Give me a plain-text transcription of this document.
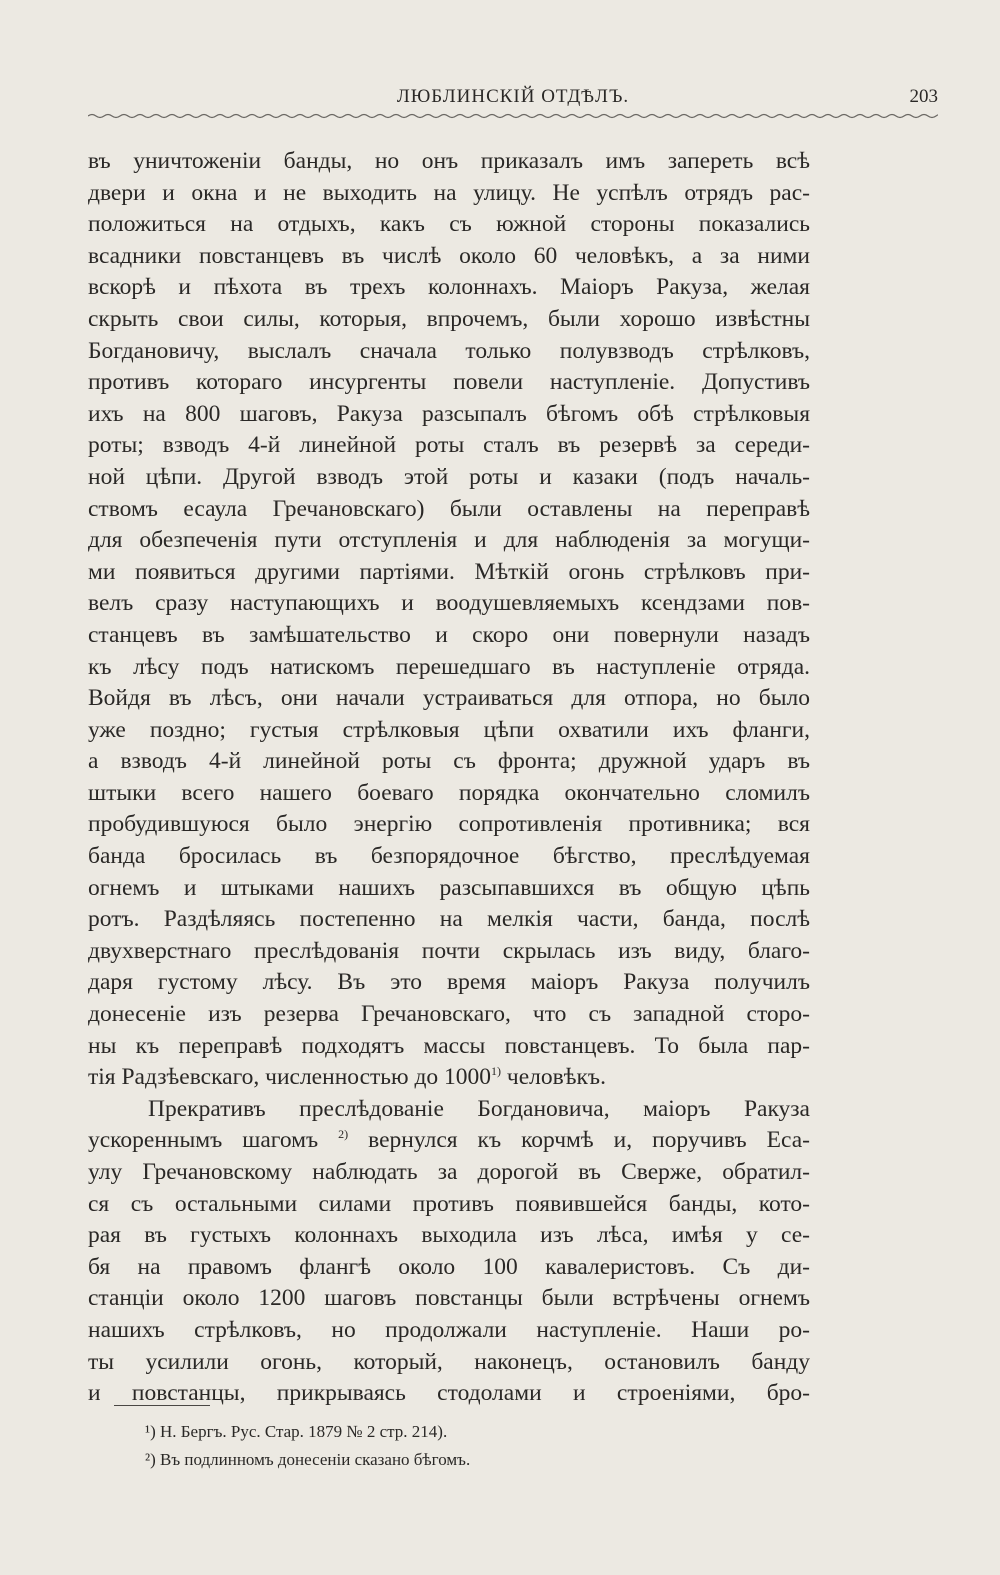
ЛЮБЛИНСКІЙ ОТДѢЛЪ.	203

въ уничтоженіи банды, но онъ приказалъ имъ запереть всѣ
двери и окна и не выходить на улицу. Не успѣлъ отрядъ рас-
положиться на отдыхъ, какъ съ южной стороны показались
всадники повстанцевъ въ числѣ около 60 человѣкъ, а за ними
вскорѣ и пѣхота въ трехъ колоннахъ. Маіоръ Ракуза, желая
скрыть свои силы, которыя, впрочемъ, были хорошо извѣстны
Богдановичу, выслалъ сначала только полувзводъ стрѣлковъ,
противъ котораго инсургенты повели наступленіе. Допустивъ
ихъ на 800 шаговъ, Ракуза разсыпалъ бѣгомъ обѣ стрѣлковыя
роты; взводъ 4-й линейной роты сталъ въ резервѣ за середи-
ной цѣпи. Другой взводъ этой роты и казаки (подъ началь-
ствомъ есаула Гречановскаго) были оставлены на переправѣ
для обезпеченія пути отступленія и для наблюденія за могущи-
ми появиться другими партіями. Мѣткій огонь стрѣлковъ при-
велъ сразу наступающихъ и воодушевляемыхъ ксендзами пов-
станцевъ въ замѣшательство и скоро они повернули назадъ
къ лѣсу подъ натискомъ перешедшаго въ наступленіе отряда.
Войдя въ лѣсъ, они начали устраиваться для отпора, но было
уже поздно; густыя стрѣлковыя цѣпи охватили ихъ фланги,
а взводъ 4-й линейной роты съ фронта; дружной ударъ въ
штыки всего нашего боеваго порядка окончательно сломилъ
пробудившуюся было энергію сопротивленія противника; вся
банда бросилась въ безпорядочное бѣгство, преслѣдуемая
огнемъ и штыками нашихъ разсыпавшихся въ общую цѣпь
ротъ. Раздѣляясь постепенно на мелкія части, банда, послѣ
двухверстнаго преслѣдованія почти скрылась изъ виду, благо-
даря густому лѣсу. Въ это время маіоръ Ракуза получилъ
донесеніе изъ резерва Гречановскаго, что съ западной сторо-
ны къ переправѣ подходятъ массы повстанцевъ. То была пар-
тія Радзѣевскаго, численностью до 1000$^{1)}$ человѣкъ.

Прекративъ преслѣдованіе Богдановича, маіоръ Ракуза
ускореннымъ шагомъ $^{2)}$ вернулся къ корчмѣ и, поручивъ Еса-
улу Гречановскому наблюдать за дорогой въ Сверже, обратил-
ся съ остальными силами противъ появившейся банды, кото-
рая въ густыхъ колоннахъ выходила изъ лѣса, имѣя у се-
бя на правомъ флангѣ около 100 кавалеристовъ. Съ ди-
станціи около 1200 шаговъ повстанцы были встрѣчены огнемъ
нашихъ стрѣлковъ, но продолжали наступленіе. Наши ро-
ты усилили огонь, который, наконецъ, остановилъ банду
и повстанцы, прикрываясь стодолами и строеніями, бро-

¹) Н. Бергъ. Рус. Стар. 1879 № 2 стр. 214).
²) Въ подлинномъ донесеніи сказано бѣгомъ.
